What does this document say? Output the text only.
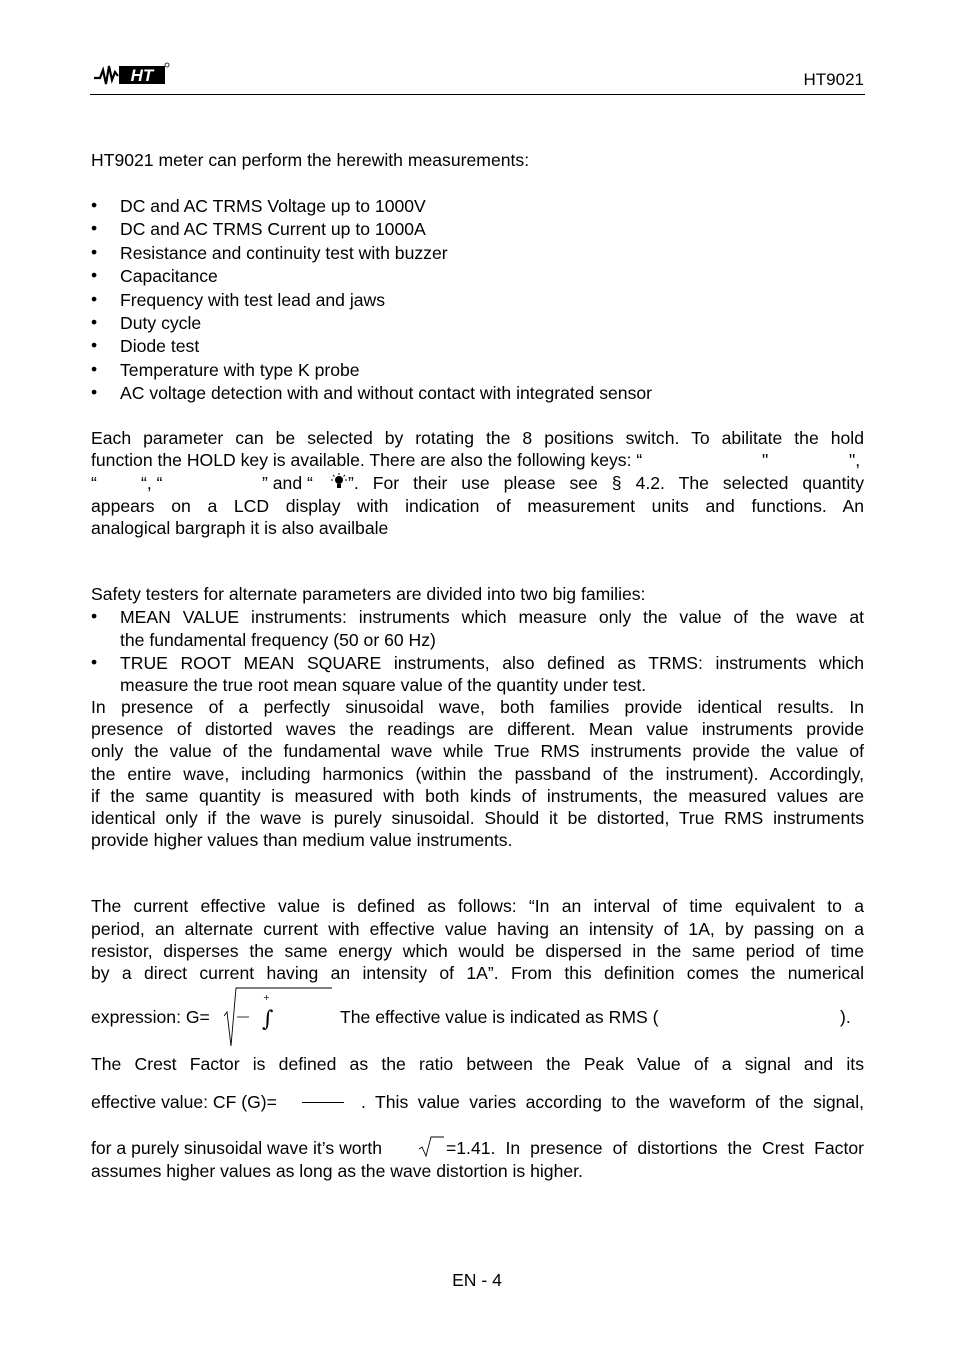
HT	HT9021
HT9021 meter can perform the herewith measurements:
• DC and AC TRMS Voltage up to 1000V
• DC and AC TRMS Current up to 1000A
• Resistance and continuity test with buzzer
• Capacitance
• Frequency with test lead and jaws
• Duty cycle
• Diode test
• Temperature with type K probe
• AC voltage detection with and without contact with integrated sensor
Each parameter can be selected by rotating the 8 positions switch. To abilitate the hold
function the HOLD key is available. There are also the following keys: “	"	",
“	“, “	” and “ ”. For their use please see § 4.2. The selected quantity
appears on a LCD display with indication of measurement units and functions. An
analogical bargraph it is also availbale
Safety testers for alternate parameters are divided into two big families:
• MEAN VALUE instruments: instruments which measure only the value of the wave at
the fundamental frequency (50 or 60 Hz)
• TRUE ROOT MEAN SQUARE instruments, also defined as TRMS: instruments which
measure the true root mean square value of the quantity under test.
In presence of a perfectly sinusoidal wave, both families provide identical results. In
presence of distorted waves the readings are different. Mean value instruments provide
only the value of the fundamental wave while True RMS instruments provide the value of
the entire wave, including harmonics (within the passband of the instrument). Accordingly,
if the same quantity is measured with both kinds of instruments, the measured values are
identical only if the wave is purely sinusoidal. Should it be distorted, True RMS instruments
provide higher values than medium value instruments.
The current effective value is defined as follows: “In an interval of time equivalent to a
period, an alternate current with effective value having an intensity of 1A, by passing on a
resistor, disperses the same energy which would be dispersed in the same period of time
by a direct current having an intensity of 1A”. From this definition comes the numerical
expression: G= ∫
+
The effective value is indicated as RMS (	).
The Crest Factor is defined as the ratio between the Peak Value of a signal and its
effective value: CF (G)=	. This value varies according to the waveform of the signal,
for a purely sinusoidal wave it’s worth	=1.41. In presence of distortions the Crest Factor
assumes higher values as long as the wave distortion is higher.
EN - 4
